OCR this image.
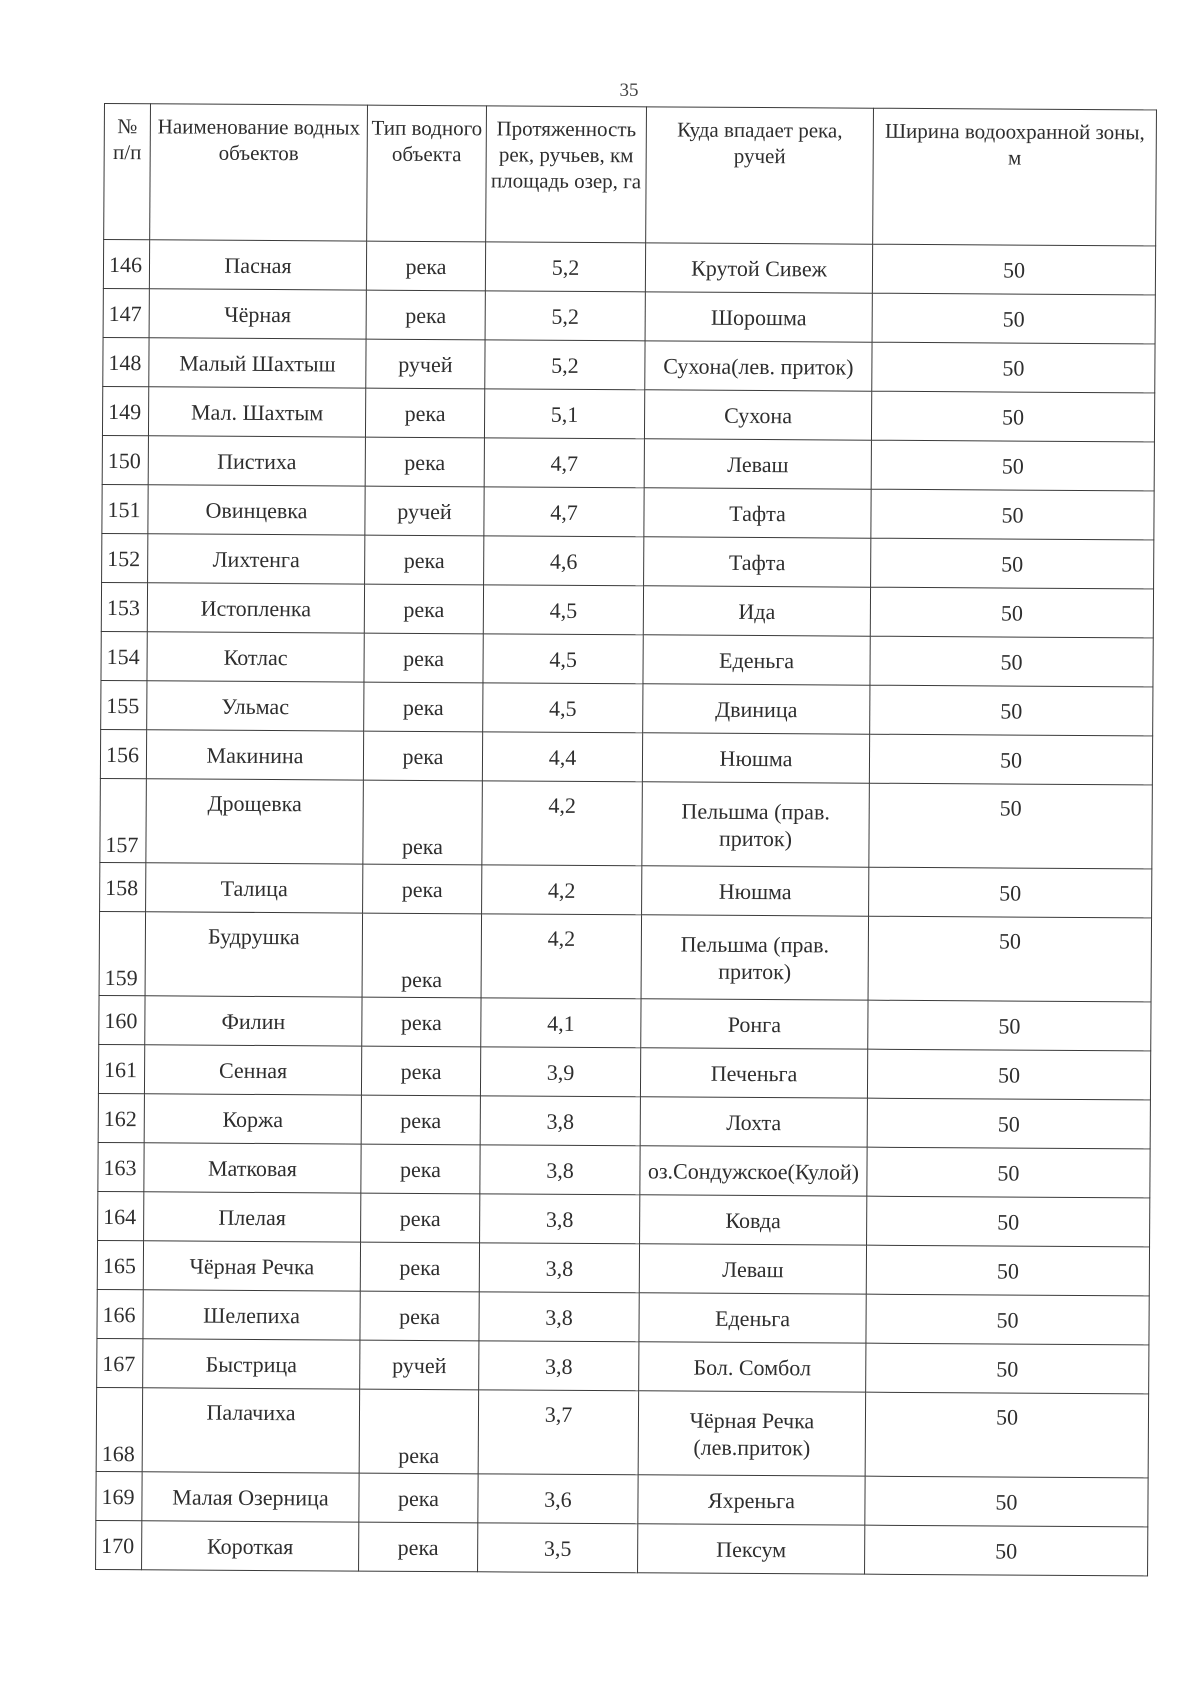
35
№ п/п	Наименование водных объектов	Тип водного объекта	Протяженность рек, ручьев, км площадь озер, га	Куда впадает река, ручей	Ширина водоохранной зоны, м
146	Пасная	река	5,2	Крутой Сивеж	50
147	Чёрная	река	5,2	Шорошма	50
148	Малый Шахтыш	ручей	5,2	Сухона(лев. приток)	50
149	Мал. Шахтым	река	5,1	Сухона	50
150	Пистиха	река	4,7	Леваш	50
151	Овинцевка	ручей	4,7	Тафта	50
152	Лихтенга	река	4,6	Тафта	50
153	Истопленка	река	4,5	Ида	50
154	Котлас	река	4,5	Еденьга	50
155	Ульмас	река	4,5	Двиница	50
156	Макинина	река	4,4	Нюшма	50
157	Дрощевка	река	4,2	Пельшма (прав. приток)	50
158	Талица	река	4,2	Нюшма	50
159	Будрушка	река	4,2	Пельшма (прав. приток)	50
160	Филин	река	4,1	Ронга	50
161	Сенная	река	3,9	Печеньга	50
162	Коржа	река	3,8	Лохта	50
163	Матковая	река	3,8	оз.Сондужское(Кулой)	50
164	Плелая	река	3,8	Ковда	50
165	Чёрная Речка	река	3,8	Леваш	50
166	Шелепиха	река	3,8	Еденьга	50
167	Быстрица	ручей	3,8	Бол. Сомбол	50
168	Палачиха	река	3,7	Чёрная Речка (лев.приток)	50
169	Малая Озерница	река	3,6	Яхреньга	50
170	Короткая	река	3,5	Пексум	50
